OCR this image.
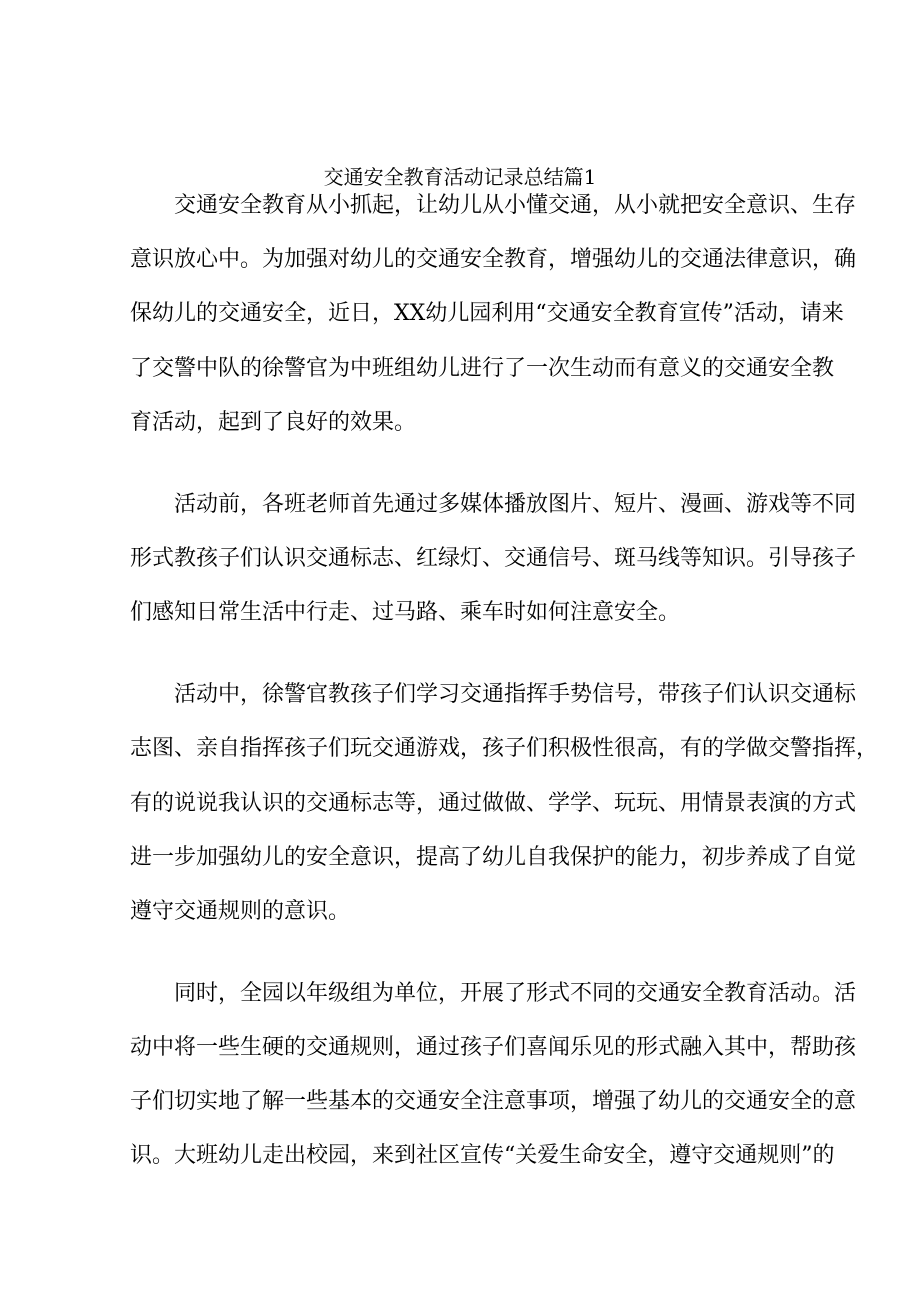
交通安全教育活动记录总结篇1

交通安全教育从小抓起，让幼儿从小懂交通，从小就把安全意识、生存

意识放心中。为加强对幼儿的交通安全教育，增强幼儿的交通法律意识，确

保幼儿的交通安全，近日，XX幼儿园利用“交通安全教育宣传”活动，请来

了交警中队的徐警官为中班组幼儿进行了一次生动而有意义的交通安全教

育活动，起到了良好的效果。

活动前，各班老师首先通过多媒体播放图片、短片、漫画、游戏等不同

形式教孩子们认识交通标志、红绿灯、交通信号、斑马线等知识。引导孩子

们感知日常生活中行走、过马路、乘车时如何注意安全。

活动中，徐警官教孩子们学习交通指挥手势信号，带孩子们认识交通标

志图、亲自指挥孩子们玩交通游戏，孩子们积极性很高，有的学做交警指挥，

有的说说我认识的交通标志等，通过做做、学学、玩玩、用情景表演的方式

进一步加强幼儿的安全意识，提高了幼儿自我保护的能力，初步养成了自觉

遵守交通规则的意识。

同时，全园以年级组为单位，开展了形式不同的交通安全教育活动。活

动中将一些生硬的交通规则，通过孩子们喜闻乐见的形式融入其中，帮助孩

子们切实地了解一些基本的交通安全注意事项，增强了幼儿的交通安全的意

识。大班幼儿走出校园，来到社区宣传“关爱生命安全，遵守交通规则”的
